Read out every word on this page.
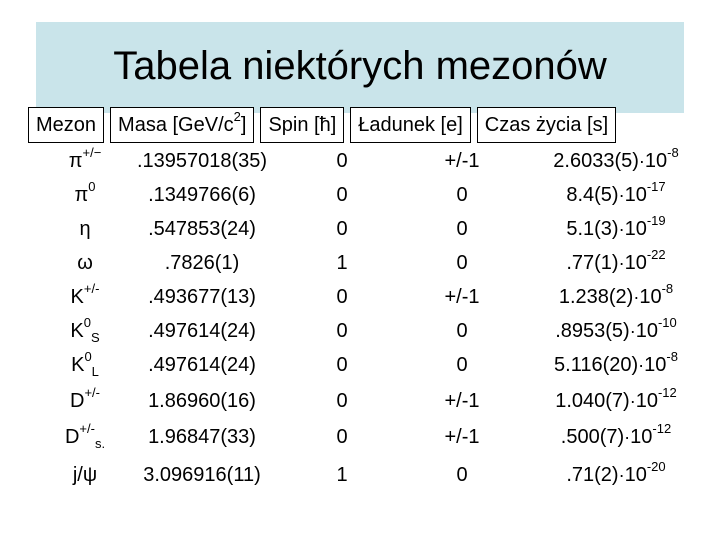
Tabela niektórych mezonów
Mezon	Masa $[GeV/c^2]$	Spin [ħ]	Ładunek [e]	Czas życia [s]
π+/−	.13957018(35)	0	+/-1	$2.6033(5)\cdot 10^{-8}$
$\pi^0$	.1349766(6)	0	0	$8.4(5)\cdot 10^{-17}$
η	.547853(24)	0	0	$5.1(3)\cdot 10^{-19}$
ω	.7826(1)	1	0	$.77(1)\cdot 10^{-22}$
K+/-	.493677(13)	0	+/-1	$1.238(2)\cdot 10^{-8}$
$K^0_S$	.497614(24)	0	0	$.8953(5)\cdot 10^{-10}$
$K^0_L$	.497614(24)	0	0	$5.116(20)\cdot 10^{-8}$
D+/-	1.86960(16)	0	+/-1	$1.040(7)\cdot 10^{-12}$
$D^{+/-}_{s.}$	1.96847(33)	0	+/-1	$.500(7)\cdot 10^{-12}$
j/ψ	3.096916(11)	1	0	$.71(2)\cdot 10^{-20}$
